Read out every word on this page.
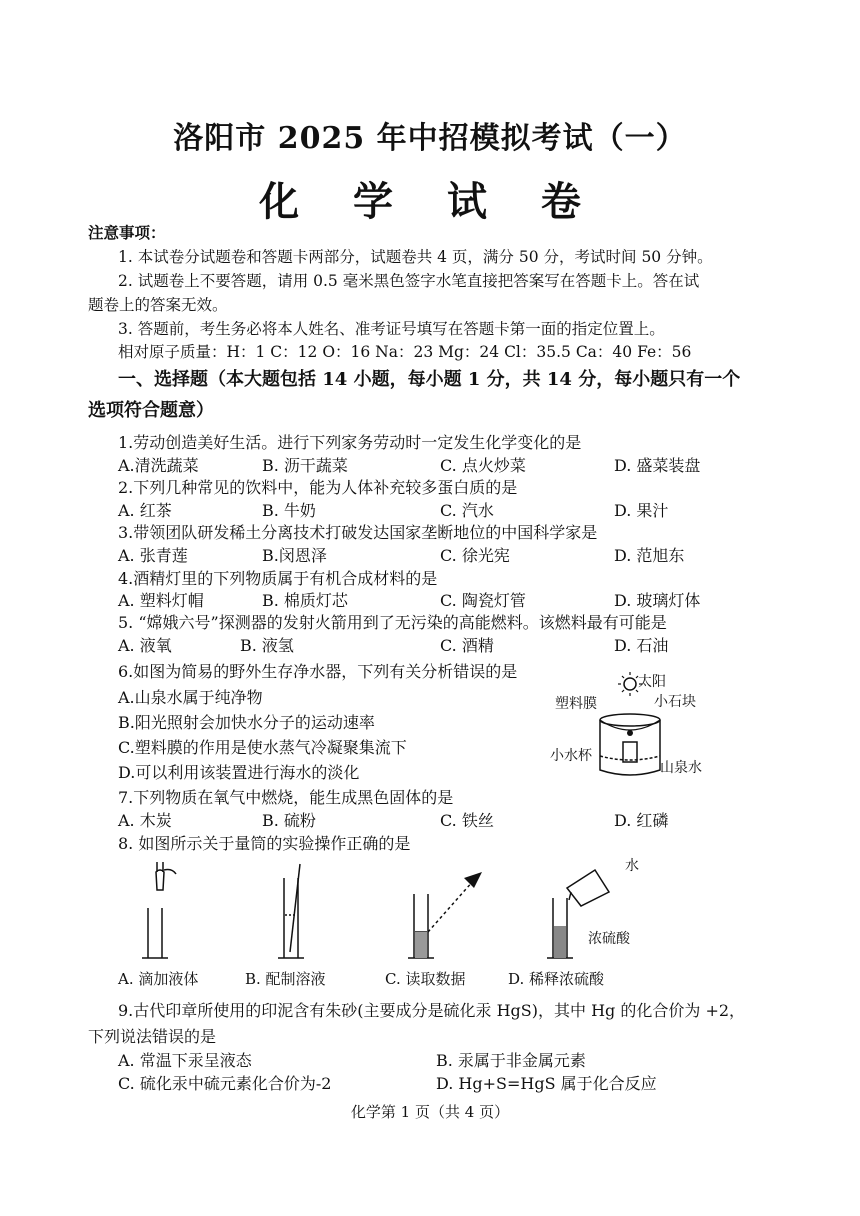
洛阳市 2025 年中招模拟考试（一）
化 学 试 卷
注意事项：
1. 本试卷分试题卷和答题卡两部分，试题卷共 4 页，满分 50 分，考试时间 50 分钟。
2. 试题卷上不要答题，请用 0.5 毫米黑色签字水笔直接把答案写在答题卡上。答在试
题卷上的答案无效。
3. 答题前，考生务必将本人姓名、准考证号填写在答题卡第一面的指定位置上。
相对原子质量：H：1 C：12 O：16 Na：23 Mg：24 Cl：35.5 Ca：40 Fe：56
一、选择题（本大题包括 14 小题，每小题 1 分，共 14 分，每小题只有一个
选项符合题意）
1.劳动创造美好生活。进行下列家务劳动时一定发生化学变化的是
A.清洗蔬菜	B. 沥干蔬菜	C. 点火炒菜	D. 盛菜装盘
2.下列几种常见的饮料中，能为人体补充较多蛋白质的是
A. 红茶	B. 牛奶	C. 汽水	D. 果汁
3.带领团队研发稀土分离技术打破发达国家垄断地位的中国科学家是
A. 张青莲	B.闵恩泽	C. 徐光宪	D. 范旭东
4.酒精灯里的下列物质属于有机合成材料的是
A. 塑料灯帽	B. 棉质灯芯	C. 陶瓷灯管	D. 玻璃灯体
5. “嫦娥六号”探测器的发射火箭用到了无污染的高能燃料。该燃料最有可能是
A. 液氧	B. 液氢	C. 酒精	D. 石油
6.如图为简易的野外生存净水器，下列有关分析错误的是
A.山泉水属于纯净物
B.阳光照射会加快水分子的运动速率
C.塑料膜的作用是使水蒸气冷凝聚集流下
D.可以利用该装置进行海水的淡化
太阳
塑料膜	小石块
小水杯
山泉水
7.下列物质在氧气中燃烧，能生成黑色固体的是
A. 木炭	B. 硫粉	C. 铁丝	D. 红磷
8. 如图所示关于量筒的实验操作正确的是
水
浓硫酸
A. 滴加液体	B. 配制溶液	C. 读取数据	D. 稀释浓硫酸
9.古代印章所使用的印泥含有朱砂(主要成分是硫化汞 HgS)，其中 Hg 的化合价为 +2，
下列说法错误的是
A. 常温下汞呈液态	B. 汞属于非金属元素
C. 硫化汞中硫元素化合价为-2	D. Hg+S=HgS 属于化合反应
化学第 1 页（共 4 页）
